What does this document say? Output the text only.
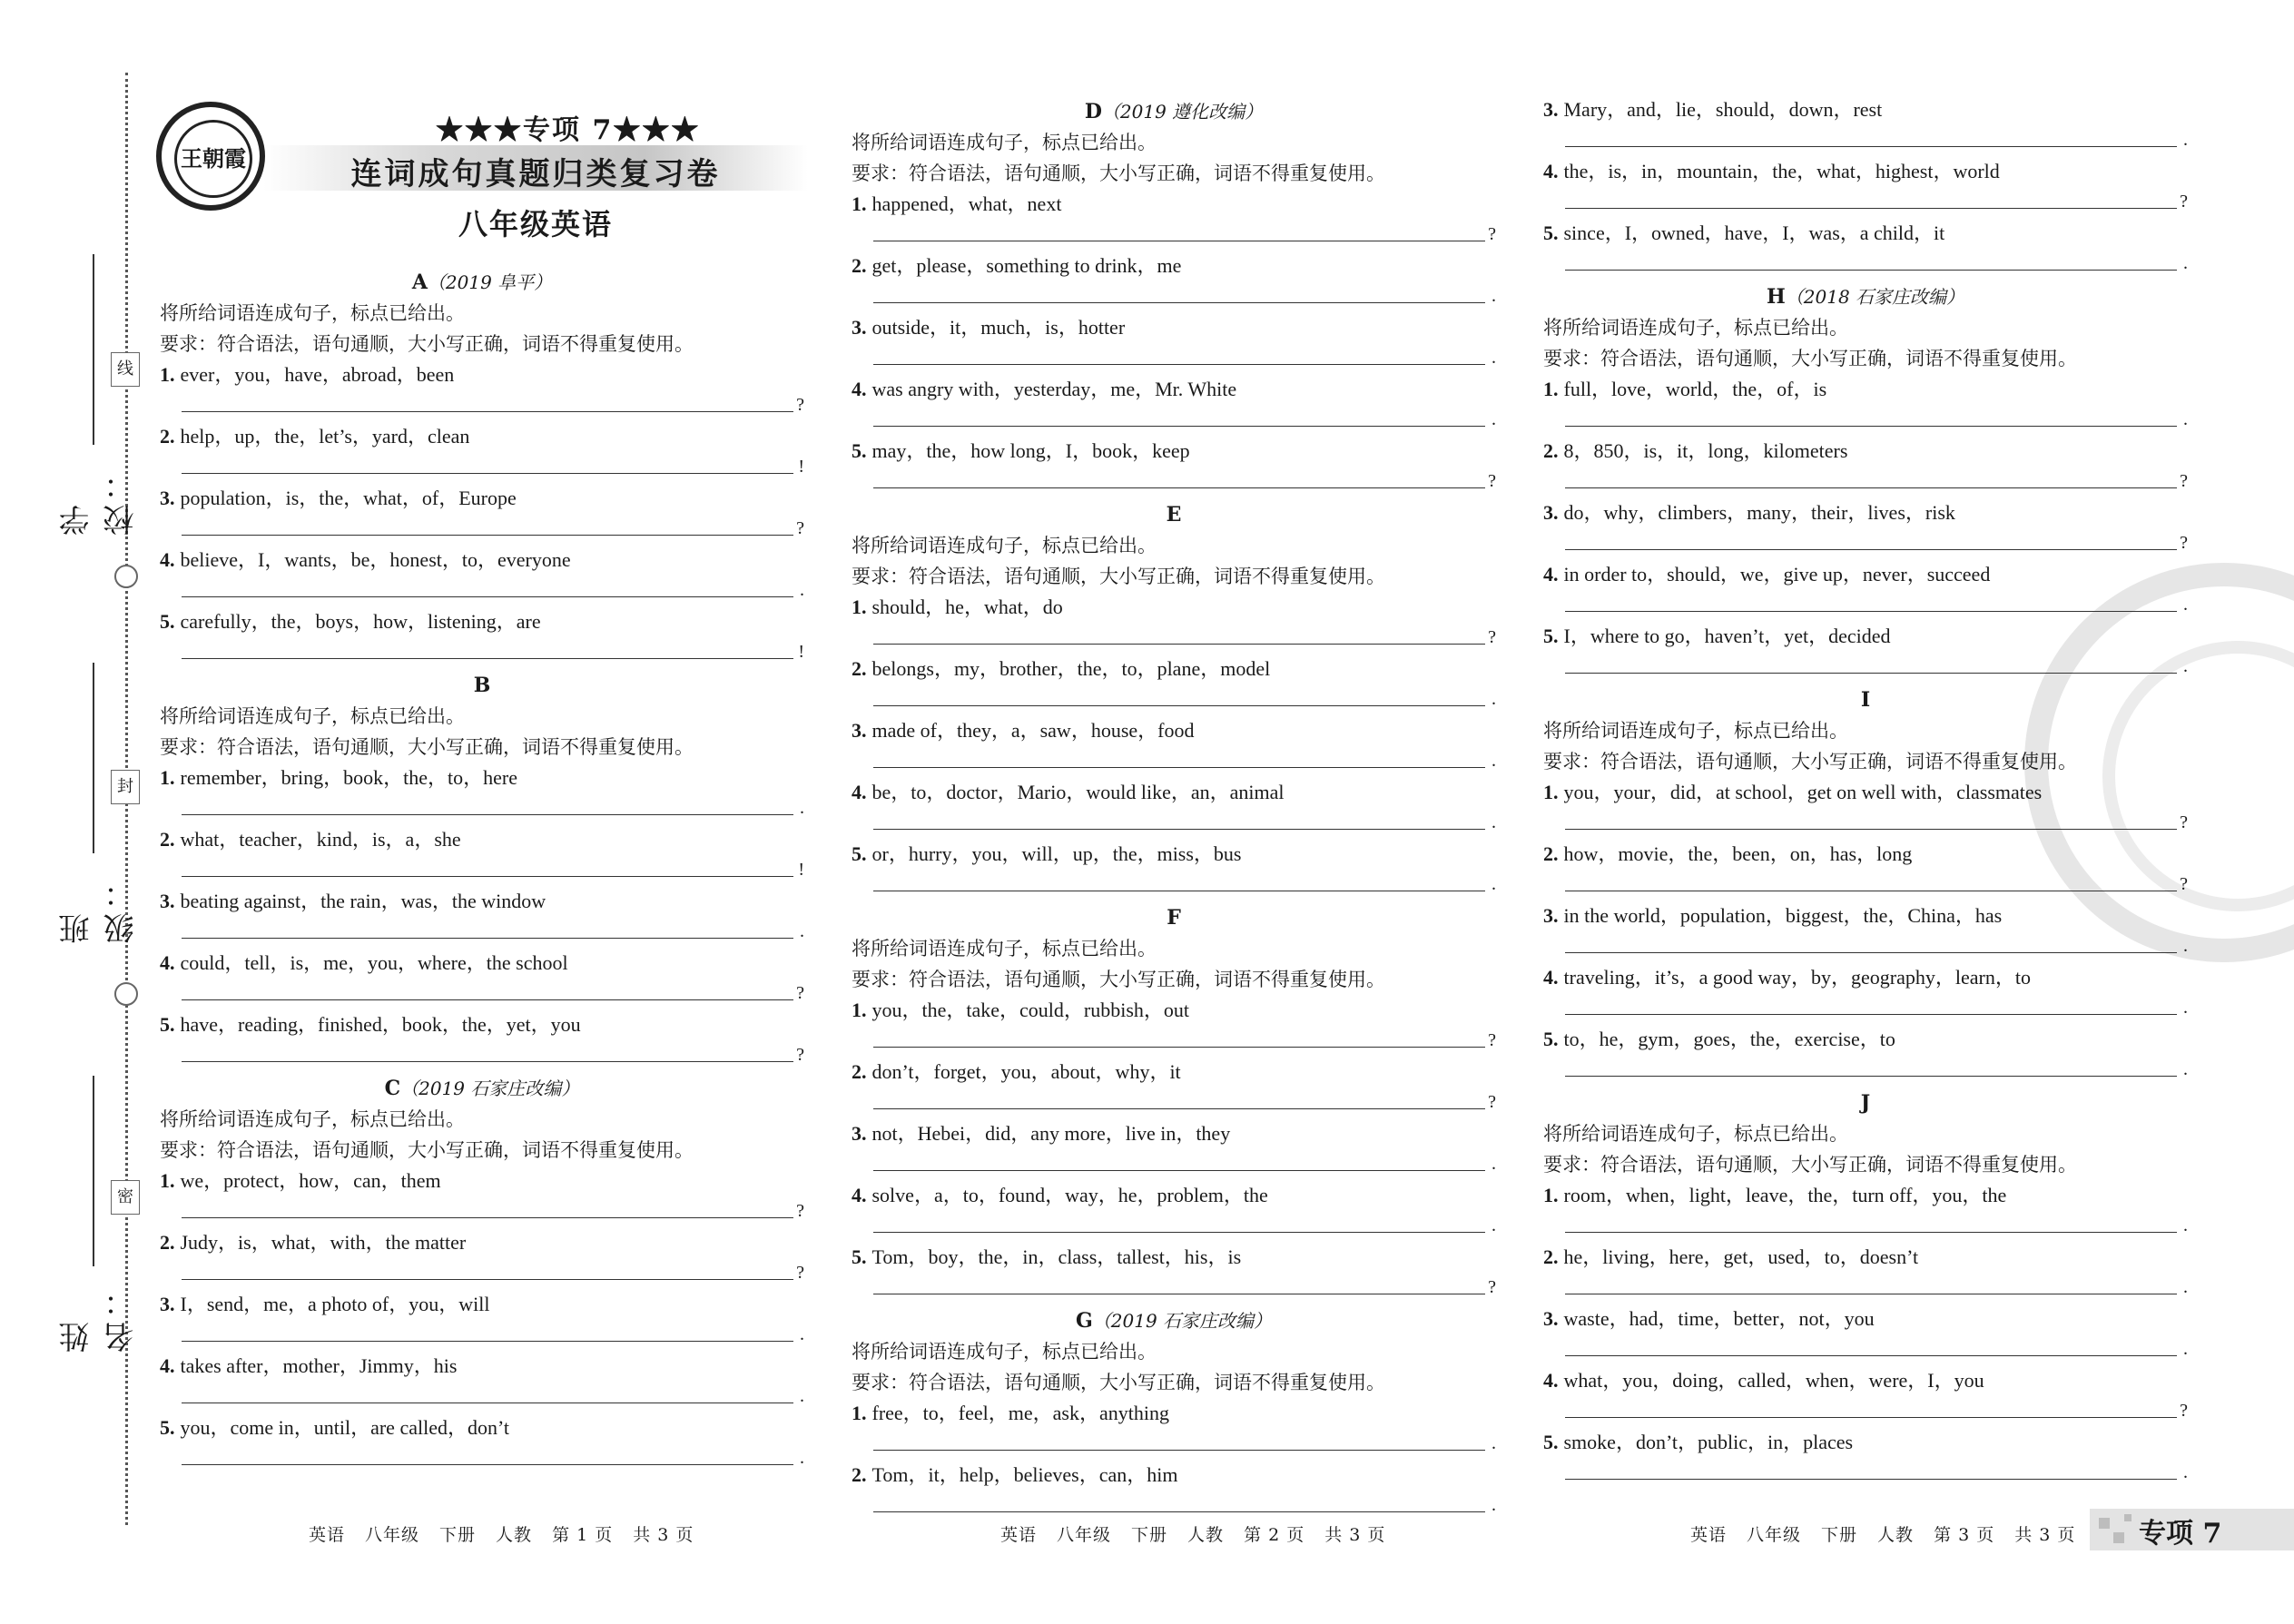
学校：
班级：
姓名：
线
封
密
王朝霞
★★★专项 7★★★
连词成句真题归类复习卷
八年级英语
A（2019 阜平）
将所给词语连成句子，标点已给出。
要求：符合语法，语句通顺，大小写正确，词语不得重复使用。
1. ever，you，have，abroad，been
?
2. help，up，the，let’s，yard，clean
!
3. population，is，the，what，of，Europe
?
4. believe，I，wants，be，honest，to，everyone
.
5. carefully，the，boys，how，listening，are
!
B
将所给词语连成句子，标点已给出。
要求：符合语法，语句通顺，大小写正确，词语不得重复使用。
1. remember，bring，book，the，to，here
.
2. what，teacher，kind，is，a，she
!
3. beating against，the rain，was，the window
.
4. could，tell，is，me，you，where，the school
?
5. have，reading，finished，book，the，yet，you
?
C（2019 石家庄改编）
将所给词语连成句子，标点已给出。
要求：符合语法，语句通顺，大小写正确，词语不得重复使用。
1. we，protect，how，can，them
?
2. Judy，is，what，with，the matter
?
3. I，send，me，a photo of，you，will
.
4. takes after，mother，Jimmy，his
.
5. you，come in，until，are called，don’t
.
D（2019 遵化改编）
将所给词语连成句子，标点已给出。
要求：符合语法，语句通顺，大小写正确，词语不得重复使用。
1. happened，what，next
?
2. get，please，something to drink，me
.
3. outside，it，much，is，hotter
.
4. was angry with，yesterday，me，Mr. White
.
5. may，the，how long，I，book，keep
?
E
将所给词语连成句子，标点已给出。
要求：符合语法，语句通顺，大小写正确，词语不得重复使用。
1. should，he，what，do
?
2. belongs，my，brother，the，to，plane，model
.
3. made of，they，a，saw，house，food
.
4. be，to，doctor，Mario，would like，an，animal
.
5. or，hurry，you，will，up，the，miss，bus
.
F
将所给词语连成句子，标点已给出。
要求：符合语法，语句通顺，大小写正确，词语不得重复使用。
1. you，the，take，could，rubbish，out
?
2. don’t，forget，you，about，why，it
?
3. not，Hebei，did，any more，live in，they
.
4. solve，a，to，found，way，he，problem，the
.
5. Tom，boy，the，in，class，tallest，his，is
?
G（2019 石家庄改编）
将所给词语连成句子，标点已给出。
要求：符合语法，语句通顺，大小写正确，词语不得重复使用。
1. free，to，feel，me，ask，anything
.
2. Tom，it，help，believes，can，him
.
3. Mary，and，lie，should，down，rest
.
4. the，is，in，mountain，the，what，highest，world
?
5. since，I，owned，have，I，was，a child，it
.
H（2018 石家庄改编）
将所给词语连成句子，标点已给出。
要求：符合语法，语句通顺，大小写正确，词语不得重复使用。
1. full，love，world，the，of，is
.
2. 8，850，is，it，long，kilometers
?
3. do，why，climbers，many，their，lives，risk
?
4. in order to，should，we，give up，never，succeed
.
5. I，where to go，haven’t，yet，decided
.
I
将所给词语连成句子，标点已给出。
要求：符合语法，语句通顺，大小写正确，词语不得重复使用。
1. you，your，did，at school，get on well with，classmates
?
2. how，movie，the，been，on，has，long
?
3. in the world，population，biggest，the，China，has
.
4. traveling，it’s，a good way，by，geography，learn，to
.
5. to，he，gym，goes，the，exercise，to
.
J
将所给词语连成句子，标点已给出。
要求：符合语法，语句通顺，大小写正确，词语不得重复使用。
1. room，when，light，leave，the，turn off，you，the
.
2. he，living，here，get，used，to，doesn’t
.
3. waste，had，time，better，not，you
.
4. what，you，doing，called，when，were，I，you
?
5. smoke，don’t，public，in，places
.
英语 八年级 下册 人教 第 1 页 共 3 页	英语 八年级 下册 人教 第 2 页 共 3 页	英语 八年级 下册 人教 第 3 页 共 3 页	专项 7
